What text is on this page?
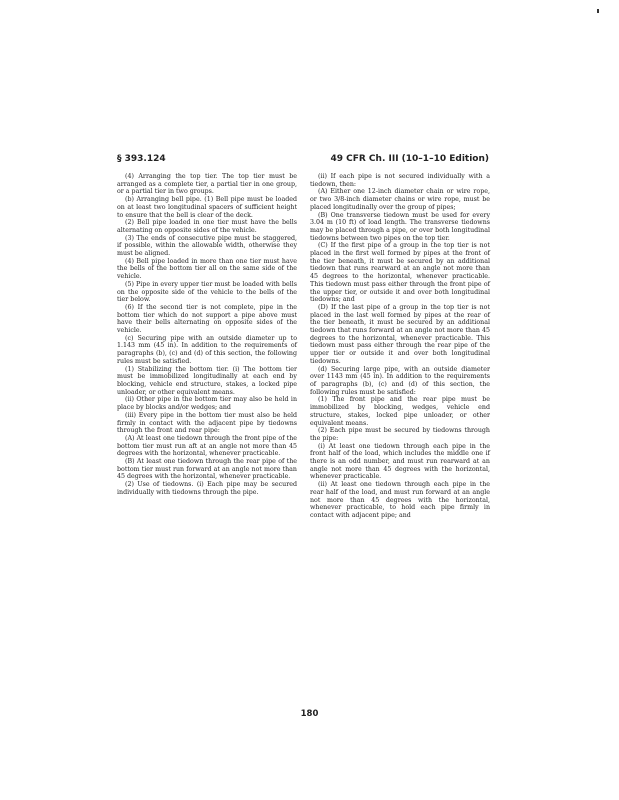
§ 393.124	49 CFR Ch. III (10–1–10 Edition)

(4) Arranging the top tier. The top tier must be arranged as a complete tier, a partial tier in one group, or a partial tier in two groups.

(b) Arranging bell pipe. (1) Bell pipe must be loaded on at least two longitudinal spacers of sufficient height to ensure that the bell is clear of the deck.

(2) Bell pipe loaded in one tier must have the bells alternating on opposite sides of the vehicle.

(3) The ends of consecutive pipe must be staggered, if possible, within the allowable width, otherwise they must be aligned.

(4) Bell pipe loaded in more than one tier must have the bells of the bottom tier all on the same side of the vehicle.

(5) Pipe in every upper tier must be loaded with bells on the opposite side of the vehicle to the bells of the tier below.

(6) If the second tier is not complete, pipe in the bottom tier which do not support a pipe above must have their bells alternating on opposite sides of the vehicle.

(c) Securing pipe with an outside diameter up to 1.143 mm (45 in). In addition to the requirements of paragraphs (b), (c) and (d) of this section, the following rules must be satisfied.

(1) Stabilizing the bottom tier. (i) The bottom tier must be immobilized longitudinally at each end by blocking, vehicle end structure, stakes, a locked pipe unloader, or other equivalent means.

(ii) Other pipe in the bottom tier may also be held in place by blocks and/or wedges; and

(iii) Every pipe in the bottom tier must also be held firmly in contact with the adjacent pipe by tiedowns through the front and rear pipe:

(A) At least one tiedown through the front pipe of the bottom tier must run aft at an angle not more than 45 degrees with the horizontal, whenever practicable.

(B) At least one tiedown through the rear pipe of the bottom tier must run forward at an angle not more than 45 degrees with the horizontal, whenever practicable.

(2) Use of tiedowns. (i) Each pipe may be secured individually with tiedowns through the pipe.

(ii) If each pipe is not secured individually with a tiedown, then:

(A) Either one 12-inch diameter chain or wire rope, or two 3/8-inch diameter chains or wire rope, must be placed longitudinally over the group of pipes;

(B) One transverse tiedown must be used for every 3.04 m (10 ft) of load length. The transverse tiedowns may be placed through a pipe, or over both longitudinal tiedowns between two pipes on the top tier.

(C) If the first pipe of a group in the top tier is not placed in the first well formed by pipes at the front of the tier beneath, it must be secured by an additional tiedown that runs rearward at an angle not more than 45 degrees to the horizontal, whenever practicable. This tiedown must pass either through the front pipe of the upper tier, or outside it and over both longitudinal tiedowns; and

(D) If the last pipe of a group in the top tier is not placed in the last well formed by pipes at the rear of the tier beneath, it must be secured by an additional tiedown that runs forward at an angle not more than 45 degrees to the horizontal, whenever practicable. This tiedown must pass either through the rear pipe of the upper tier or outside it and over both longitudinal tiedowns.

(d) Securing large pipe, with an outside diameter over 1143 mm (45 in). In addition to the requirements of paragraphs (b), (c) and (d) of this section, the following rules must be satisfied:

(1) The front pipe and the rear pipe must be immobilized by blocking, wedges, vehicle end structure, stakes, locked pipe unloader, or other equivalent means.

(2) Each pipe must be secured by tiedowns through the pipe:

(i) At least one tiedown through each pipe in the front half of the load, which includes the middle one if there is an odd number, and must run rearward at an angle not more than 45 degrees with the horizontal, whenever practicable.

(ii) At least one tiedown through each pipe in the rear half of the load, and must run forward at an angle not more than 45 degrees with the horizontal, whenever practicable, to hold each pipe firmly in contact with adjacent pipe; and

180
